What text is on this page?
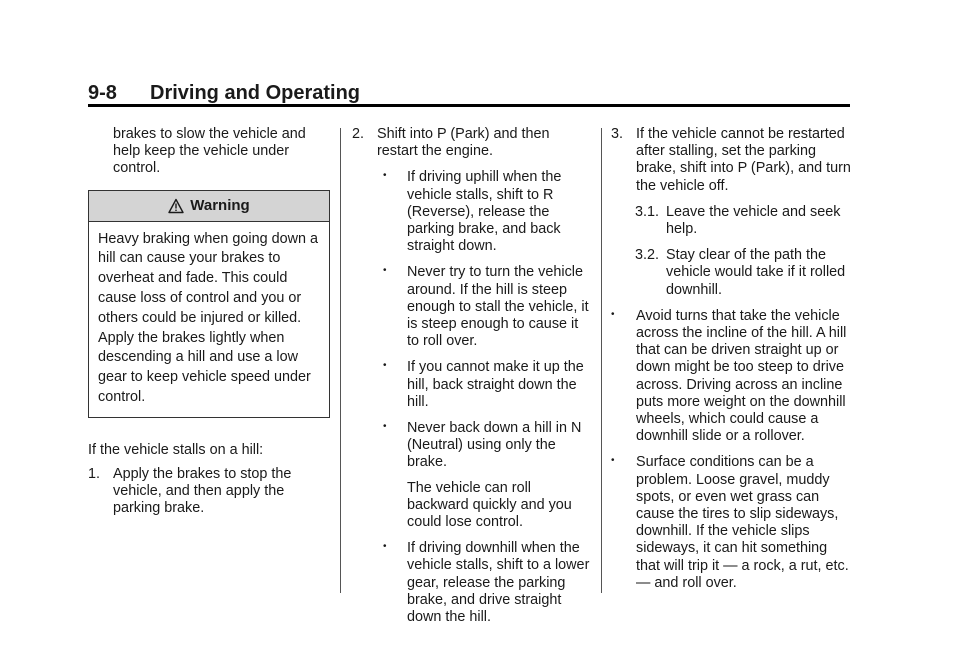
9-8 Driving and Operating

brakes to slow the vehicle and help keep the vehicle under control.

Warning
Heavy braking when going down a hill can cause your brakes to overheat and fade. This could cause loss of control and you or others could be injured or killed. Apply the brakes lightly when descending a hill and use a low gear to keep vehicle speed under control.

If the vehicle stalls on a hill:

1. Apply the brakes to stop the vehicle, and then apply the parking brake.
2. Shift into P (Park) and then restart the engine.
• If driving uphill when the vehicle stalls, shift to R (Reverse), release the parking brake, and back straight down.
• Never try to turn the vehicle around. If the hill is steep enough to stall the vehicle, it is steep enough to cause it to roll over.
• If you cannot make it up the hill, back straight down the hill.
• Never back down a hill in N (Neutral) using only the brake.

The vehicle can roll backward quickly and you could lose control.

• If driving downhill when the vehicle stalls, shift to a lower gear, release the parking brake, and drive straight down the hill.
3. If the vehicle cannot be restarted after stalling, set the parking brake, shift into P (Park), and turn the vehicle off.
3.1. Leave the vehicle and seek help.
3.2. Stay clear of the path the vehicle would take if it rolled downhill.
• Avoid turns that take the vehicle across the incline of the hill. A hill that can be driven straight up or down might be too steep to drive across. Driving across an incline puts more weight on the downhill wheels, which could cause a downhill slide or a rollover.
• Surface conditions can be a problem. Loose gravel, muddy spots, or even wet grass can cause the tires to slip sideways, downhill. If the vehicle slips sideways, it can hit something that will trip it — a rock, a rut, etc. — and roll over.
